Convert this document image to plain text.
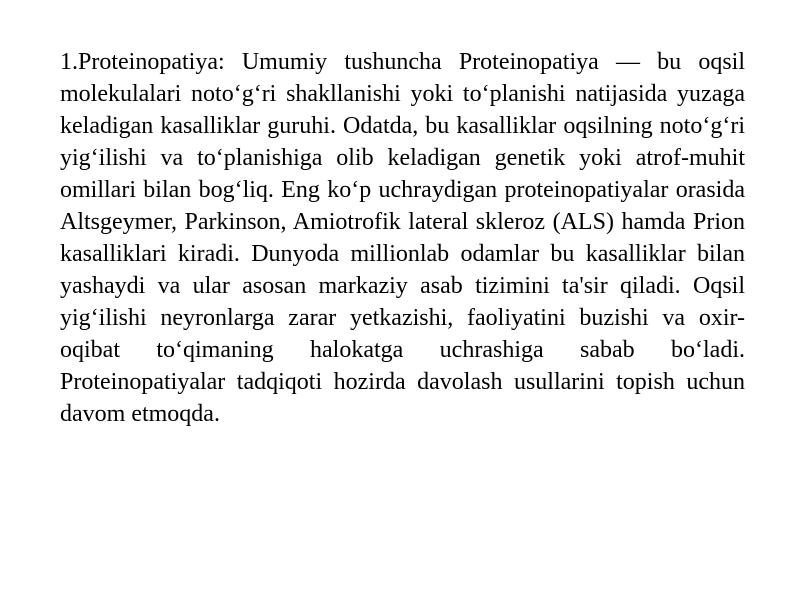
1.Proteinopatiya: Umumiy tushuncha Proteinopatiya — bu oqsil molekulalari noto‘g‘ri shakllanishi yoki to‘planishi natijasida yuzaga keladigan kasalliklar guruhi. Odatda, bu kasalliklar oqsilning noto‘g‘ri yig‘ilishi va to‘planishiga olib keladigan genetik yoki atrof-muhit omillari bilan bog‘liq. Eng ko‘p uchraydigan proteinopatiyalar orasida Altsgeymer, Parkinson, Amiotrofik lateral skleroz (ALS) hamda Prion kasalliklari kiradi. Dunyoda millionlab odamlar bu kasalliklar bilan yashaydi va ular asosan markaziy asab tizimini ta'sir qiladi. Oqsil yig‘ilishi neyronlarga zarar yetkazishi, faoliyatini buzishi va oxir-oqibat to‘qimaning halokatga uchrashiga sabab bo‘ladi. Proteinopatiyalar tadqiqoti hozirda davolash usullarini topish uchun davom etmoqda.
